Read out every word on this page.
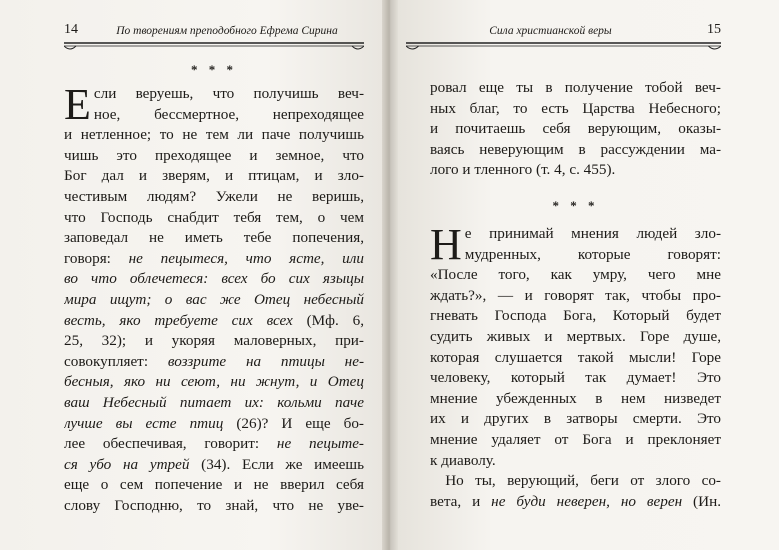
14	По творениям преподобного Ефрема Сирина
* * *
Е сли веруешь, что получишь веч-
ное, бессмертное, непреходящее
и нетленное; то не тем ли паче получишь
чишь это преходящее и земное, что
Бог дал и зверям, и птицам, и зло-
честивым людям? Ужели не веришь,
что Господь снабдит тебя тем, о чем
заповедал не иметь тебе попечения,
говоря: не пецытеся, что ясте, или
во что облечетеся: всех бо сих языцы
мира ищут; о вас же Отец небесный
весть, яко требуете сих всех (Мф. 6,
25, 32); и укоряя маловерных, при-
совокупляет: воззрите на птицы не-
бесныя, яко ни сеют, ни жнут, и Отец
ваш Небесный питает их: кольми паче
лучше вы есте птиц (26)? И еще бо-
лее обеспечивая, говорит: не пецыте-
ся убо на утрей (34). Если же имеешь
еще о сем попечение и не вверил себя
слову Господню, то знай, что не уве-
Сила христианской веры	15
ровал еще ты в получение тобой веч-
ных благ, то есть Царства Небесного;
и почитаешь себя верующим, оказы-
ваясь неверующим в рассуждении ма-
лого и тленного (т. 4, с. 455).
* * *
Н е принимай мнения людей зло-
мудренных, которые говорят:
«После того, как умру, чего мне
ждать?», — и говорят так, чтобы про-
гневать Господа Бога, Который будет
судить живых и мертвых. Горе душе,
которая слушается такой мысли! Горе
человеку, который так думает! Это
мнение убежденных в нем низведет
их и других в затворы смерти. Это
мнение удаляет от Бога и преклоняет
к диаволу.
 Но ты, верующий, беги от злого со-
вета, и не буди неверен, но верен (Ин.
